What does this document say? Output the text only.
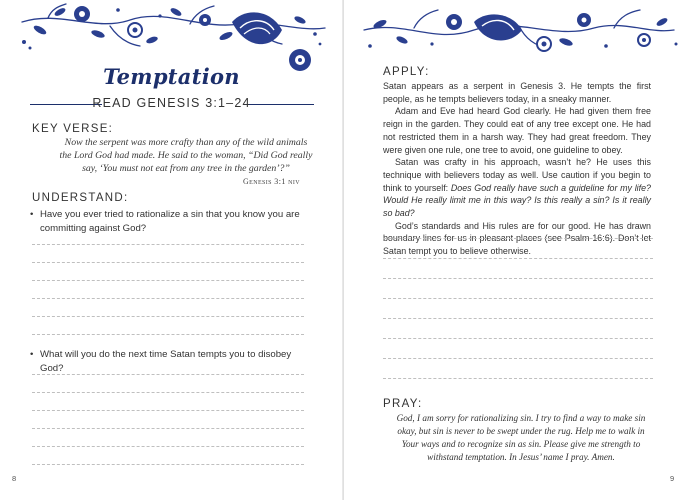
Temptation
READ GENESIS 3:1–24
KEY VERSE:
Now the serpent was more crafty than any of the wild animals
the Lord God had made. He said to the woman, “Did God really
say, ‘You must not eat from any tree in the garden’?”
Genesis 3:1 niv
UNDERSTAND:
• Have you ever tried to rationalize a sin that you know you are committing against God?
• What will you do the next time Satan tempts you to disobey God?
8
APPLY:

Satan appears as a serpent in Genesis 3. He tempts the first people, as he tempts believers today, in a sneaky manner.

Adam and Eve had heard God clearly. He had given them free reign in the garden. They could eat of any tree except one. He had not restricted them in a harsh way. They had great freedom. They were given one rule, one tree to avoid, one guideline to obey.

Satan was crafty in his approach, wasn’t he? He uses this technique with believers today as well. Use caution if you begin to think to yourself: Does God really have such a guideline for my life? Would He really limit me in this way? Is this really a sin? Is it really so bad?

God’s standards and His rules are for our good. He has drawn boundary lines for us in pleasant places (see Psalm 16:6). Don’t let Satan tempt you to believe otherwise.

PRAY:
God, I am sorry for rationalizing sin. I try to find a way to make sin okay, but sin is never to be swept under the rug. Help me to walk in Your ways and to recognize sin as sin. Please give me strength to withstand temptation. In Jesus’ name I pray. Amen.
9
